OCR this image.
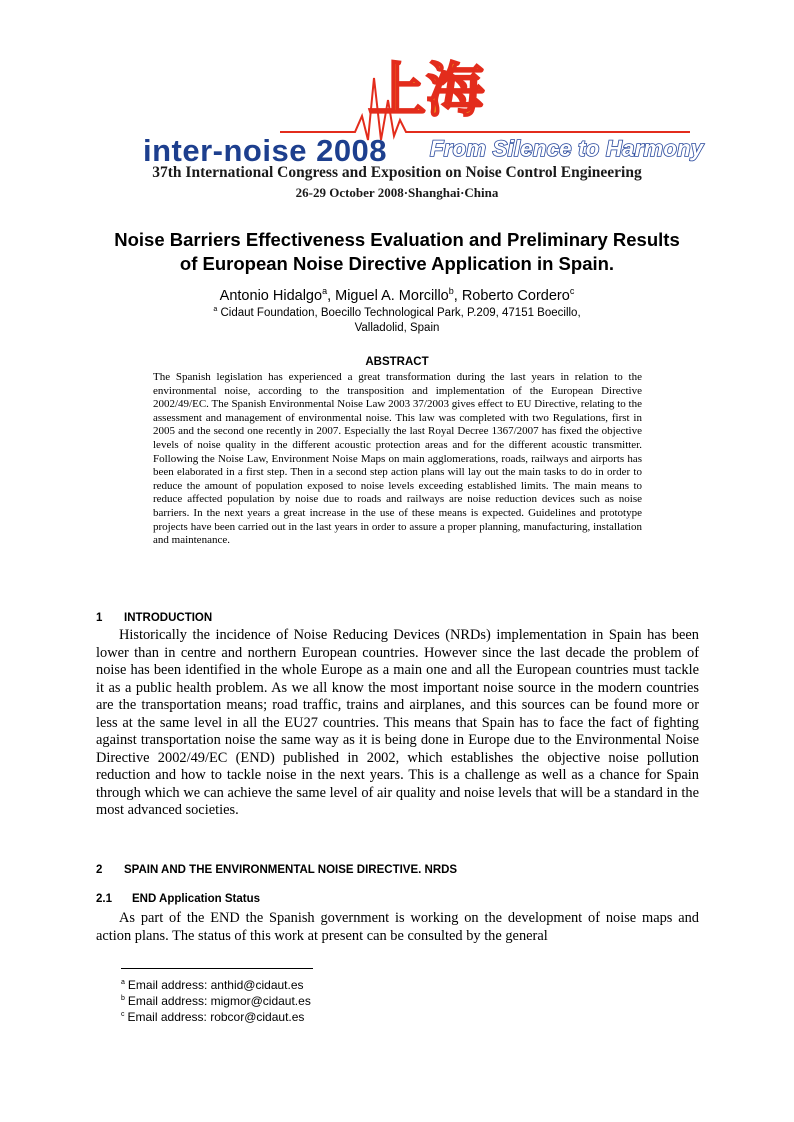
上海
inter-noise 2008 From Silence to Harmony
37th International Congress and Exposition on Noise Control Engineering
26-29 October 2008·Shanghai·China
Noise Barriers Effectiveness Evaluation and Preliminary Results
of European Noise Directive Application in Spain.
Antonio Hidalgo$^a$, Miguel A. Morcillo$^b$, Roberto Cordero$^c$
$^a$ Cidaut Foundation, Boecillo Technological Park, P.209, 47151 Boecillo,
Valladolid, Spain
ABSTRACT
The Spanish legislation has experienced a great transformation during the last years in relation to the environmental noise, according to the transposition and implementation of the European Directive 2002/49/EC. The Spanish Environmental Noise Law 2003 37/2003 gives effect to EU Directive, relating to the assessment and management of environmental noise. This law was completed with two Regulations, first in 2005 and the second one recently in 2007. Especially the last Royal Decree 1367/2007 has fixed the objective levels of noise quality in the different acoustic protection areas and for the different acoustic transmitter. Following the Noise Law, Environment Noise Maps on main agglomerations, roads, railways and airports has been elaborated in a first step. Then in a second step action plans will lay out the main tasks to do in order to reduce the amount of population exposed to noise levels exceeding established limits. The main means to reduce affected population by noise due to roads and railways are noise reduction devices such as noise barriers. In the next years a great increase in the use of these means is expected. Guidelines and prototype projects have been carried out in the last years in order to assure a proper planning, manufacturing, installation and maintenance.
1 INTRODUCTION
Historically the incidence of Noise Reducing Devices (NRDs) implementation in Spain has been lower than in centre and northern European countries. However since the last decade the problem of noise has been identified in the whole Europe as a main one and all the European countries must tackle it as a public health problem. As we all know the most important noise source in the modern countries are the transportation means; road traffic, trains and airplanes, and this sources can be found more or less at the same level in all the EU27 countries. This means that Spain has to face the fact of fighting against transportation noise the same way as it is being done in Europe due to the Environmental Noise Directive 2002/49/EC (END) published in 2002, which establishes the objective noise pollution reduction and how to tackle noise in the next years. This is a challenge as well as a chance for Spain through which we can achieve the same level of air quality and noise levels that will be a standard in the most advanced societies.
2 SPAIN AND THE ENVIRONMENTAL NOISE DIRECTIVE. NRDS
2.1 END Application Status
As part of the END the Spanish government is working on the development of noise maps and action plans. The status of this work at present can be consulted by the general
$^a$ Email address: anthid@cidaut.es
$^b$ Email address: migmor@cidaut.es
$^c$ Email address: robcor@cidaut.es
